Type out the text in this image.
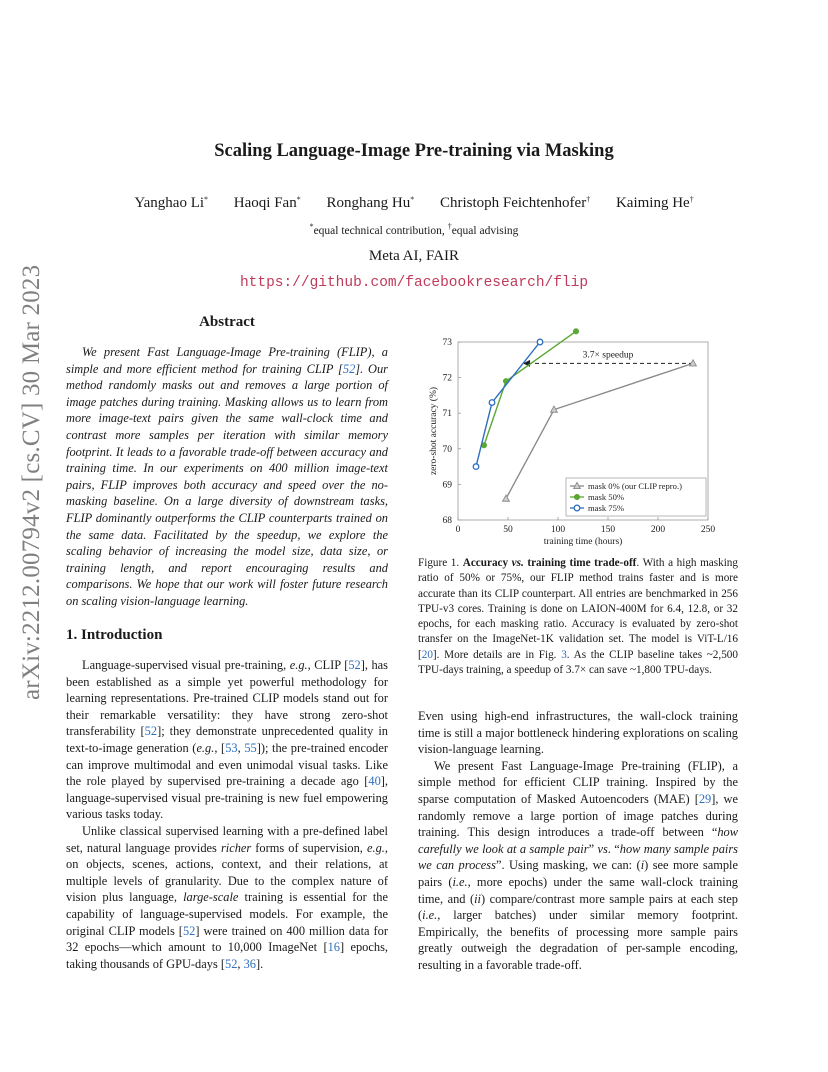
arXiv:2212.00794v2 [cs.CV] 30 Mar 2023
Scaling Language-Image Pre-training via Masking
Yanghao Li* Haoqi Fan* Ronghang Hu* Christoph Feichtenhofer† Kaiming He†
*equal technical contribution, †equal advising
Meta AI, FAIR
https://github.com/facebookresearch/flip
Abstract
We present Fast Language-Image Pre-training (FLIP), a simple and more efficient method for training CLIP [52]. Our method randomly masks out and removes a large portion of image patches during training. Masking allows us to learn from more image-text pairs given the same wall-clock time and contrast more samples per iteration with similar memory footprint. It leads to a favorable trade-off between accuracy and training time. In our experiments on 400 million image-text pairs, FLIP improves both accuracy and speed over the no-masking baseline. On a large diversity of downstream tasks, FLIP dominantly outperforms the CLIP counterparts trained on the same data. Facilitated by the speedup, we explore the scaling behavior of increasing the model size, data size, or training length, and report encouraging results and comparisons. We hope that our work will foster future research on scaling vision-language learning.
1. Introduction

Language-supervised visual pre-training, e.g., CLIP [52], has been established as a simple yet powerful methodology for learning representations. Pre-trained CLIP models stand out for their remarkable versatility: they have strong zero-shot transferability [52]; they demonstrate unprecedented quality in text-to-image generation (e.g., [53, 55]); the pre-trained encoder can improve multimodal and even unimodal visual tasks. Like the role played by supervised pre-training a decade ago [40], language-supervised visual pre-training is new fuel empowering various tasks today.

Unlike classical supervised learning with a pre-defined label set, natural language provides richer forms of supervision, e.g., on objects, scenes, actions, context, and their relations, at multiple levels of granularity. Due to the complex nature of vision plus language, large-scale training is essential for the capability of language-supervised models. For example, the original CLIP models [52] were trained on 400 million data for 32 epochs—which amount to 10,000 ImageNet [16] epochs, taking thousands of GPU-days [52, 36].

0	50	100	150	200	250
68
69
70
71
72
73
training time (hours)
zero-shot accuracy (%)
3.7× speedup
mask 0% (our CLIP repro.)
mask 50%
mask 75%
Figure 1. Accuracy vs. training time trade-off. With a high masking ratio of 50% or 75%, our FLIP method trains faster and is more accurate than its CLIP counterpart. All entries are benchmarked in 256 TPU-v3 cores. Training is done on LAION-400M for 6.4, 12.8, or 32 epochs, for each masking ratio. Accuracy is evaluated by zero-shot transfer on the ImageNet-1K validation set. The model is ViT-L/16 [20]. More details are in Fig. 3. As the CLIP baseline takes ~2,500 TPU-days training, a speedup of 3.7× can save ~1,800 TPU-days.

Even using high-end infrastructures, the wall-clock training time is still a major bottleneck hindering explorations on scaling vision-language learning.

We present Fast Language-Image Pre-training (FLIP), a simple method for efficient CLIP training. Inspired by the sparse computation of Masked Autoencoders (MAE) [29], we randomly remove a large portion of image patches during training. This design introduces a trade-off between “how carefully we look at a sample pair” vs. “how many sample pairs we can process”. Using masking, we can: (i) see more sample pairs (i.e., more epochs) under the same wall-clock training time, and (ii) compare/contrast more sample pairs at each step (i.e., larger batches) under similar memory footprint. Empirically, the benefits of processing more sample pairs greatly outweigh the degradation of per-sample encoding, resulting in a favorable trade-off.
